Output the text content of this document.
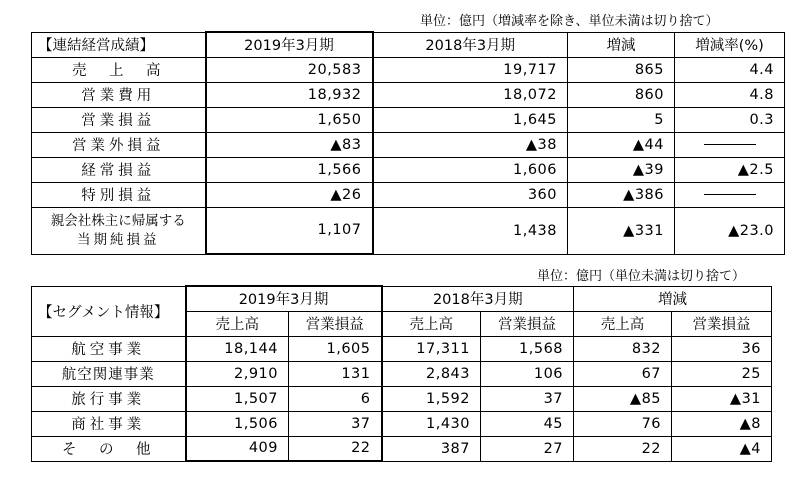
単位：億円（増減率を除き、単位未満は切り捨て）
【連結経営成績】	2019年3月期	2018年3月期	増減	増減率(%)
売　上　高	20,583	19,717	865	4.4
営業費用	18,932	18,072	860	4.8
営業損益	1,650	1,645	5	0.3
営業外損益	▲83	▲38	▲44	
経常損益	1,566	1,606	▲39	▲2.5
特別損益	▲26	360	▲386	

親会社株主に帰属する
当期純損益	1,107	1,438	▲331	▲23.0
単位：億円（単位未満は切り捨て）
【セグメント情報】	2019年3月期		2018年3月期		増減	
	売上高	営業損益	売上高	営業損益	売上高	営業損益
航空事業	18,144	1,605	17,311	1,568	832	36
航空関連事業	2,910	131	2,843	106	67	25
旅行事業	1,507	6	1,592	37	▲85	▲31
商社事業	1,506	37	1,430	45	76	▲8
そ　の　他	409	22	387	27	22	▲4
